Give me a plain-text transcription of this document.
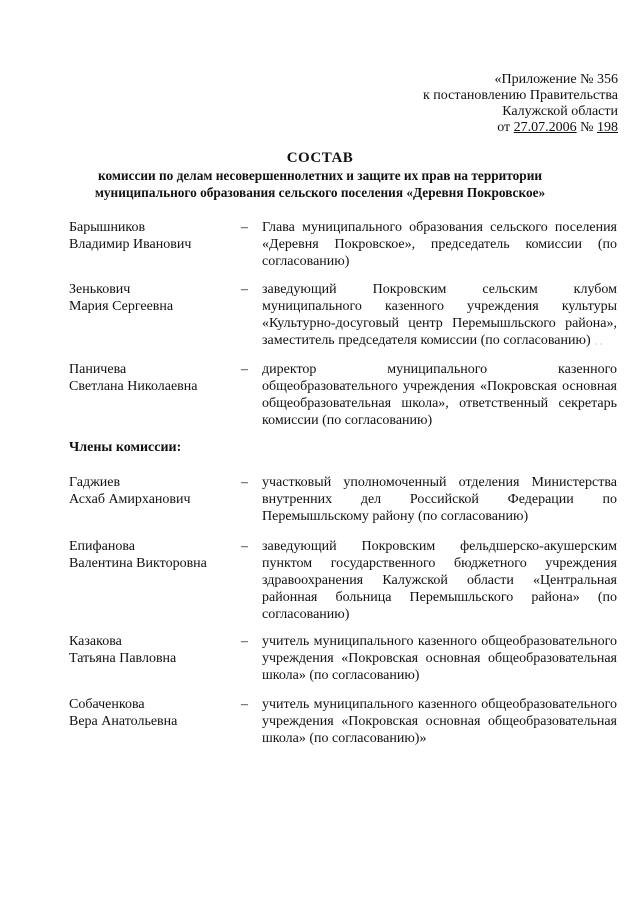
«Приложение № 356
к постановлению Правительства
Калужской области
от 27.07.2006 № 198
СОСТАВ
комиссии по делам несовершеннолетних и защите их прав на территории
муниципального образования сельского поселения «Деревня Покровское»
Барышников
Владимир Иванович
–	Глава муниципального образования сельского поселения «Деревня Покровское», председатель комиссии (по согласованию)
Зенькович
Мария Сергеевна
–	заведующий Покровским сельским клубом муниципального казенного учреждения культуры «Культурно-досуговый центр Перемышльского района», заместитель председателя комиссии (по согласованию) · ·
Паничева
Светлана Николаевна
–	директор муниципального казенного общеобразовательного учреждения «Покровская основная общеобразовательная школа», ответственный секретарь комиссии (по согласованию)
Члены комиссии:
Гаджиев
Асхаб Амирханович
–	участковый уполномоченный отделения Министерства внутренних дел Российской Федерации по Перемышльскому району (по согласованию)
Епифанова
Валентина Викторовна
–	заведующий Покровским фельдшерско-акушерским пунктом государственного бюджетного учреждения здравоохранения Калужской области «Центральная районная больница Перемышльского района» (по согласованию)
Казакова
Татьяна Павловна
–	учитель муниципального казенного общеобразовательного учреждения «Покровская основная общеобразовательная школа» (по согласованию)
Собаченкова
Вера Анатольевна
–	учитель муниципального казенного общеобразовательного учреждения «Покровская основная общеобразовательная школа» (по согласованию)»
